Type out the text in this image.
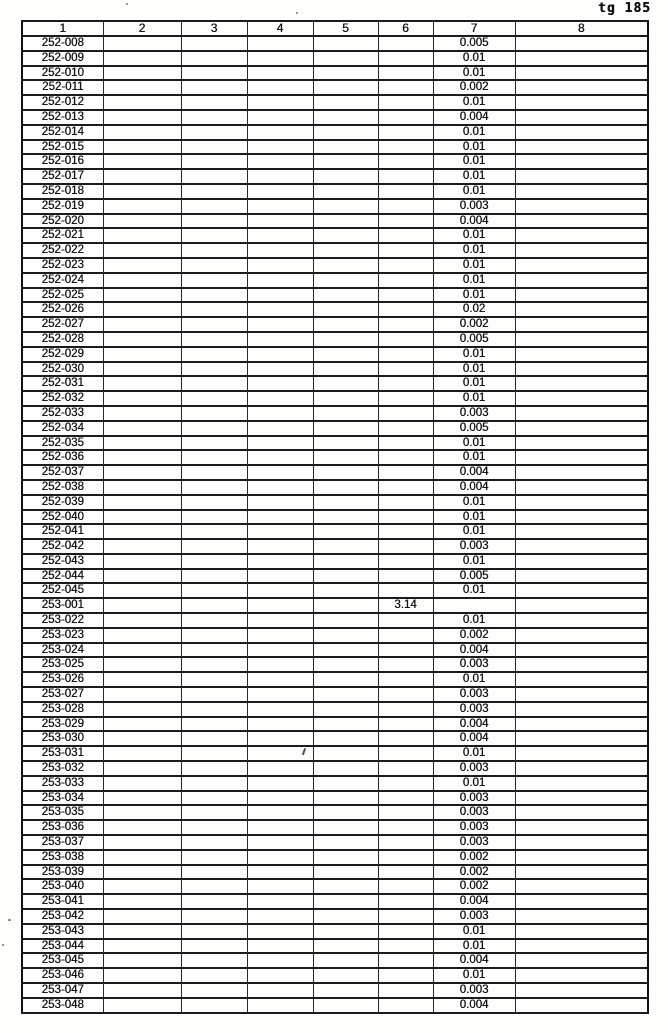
tg 185
1	2	3	4	5	6	7	8
252-008						0.005	
252-009						0.01	
252-010						0.01	
252-011						0.002	
252-012						0.01	
252-013						0.004	
252-014						0.01	
252-015						0.01	
252-016						0.01	
252-017						0.01	
252-018						0.01	
252-019						0.003	
252-020						0.004	
252-021						0.01	
252-022						0.01	
252-023						0.01	
252-024						0.01	
252-025						0.01	
252-026						0.02	
252-027						0.002	
252-028						0.005	
252-029						0.01	
252-030						0.01	
252-031						0.01	
252-032						0.01	
252-033						0.003	
252-034						0.005	
252-035						0.01	
252-036						0.01	
252-037						0.004	
252-038						0.004	
252-039						0.01	
252-040						0.01	
252-041						0.01	
252-042						0.003	
252-043						0.01	
252-044						0.005	
252-045						0.01	
253-001					3.14		
253-022						0.01	
253-023						0.002	
253-024						0.004	
253-025						0.003	
253-026						0.01	
253-027						0.003	
253-028						0.003	
253-029						0.004	
253-030						0.004	
253-031						0.01	
253-032						0.003	
253-033						0.01	
253-034						0.003	
253-035						0.003	
253-036						0.003	
253-037						0.003	
253-038						0.002	
253-039						0.002	
253-040						0.002	
253-041						0.004	
253-042						0.003	
253-043						0.01	
253-044						0.01	
253-045						0.004	
253-046						0.01	
253-047						0.003	
253-048						0.004	
